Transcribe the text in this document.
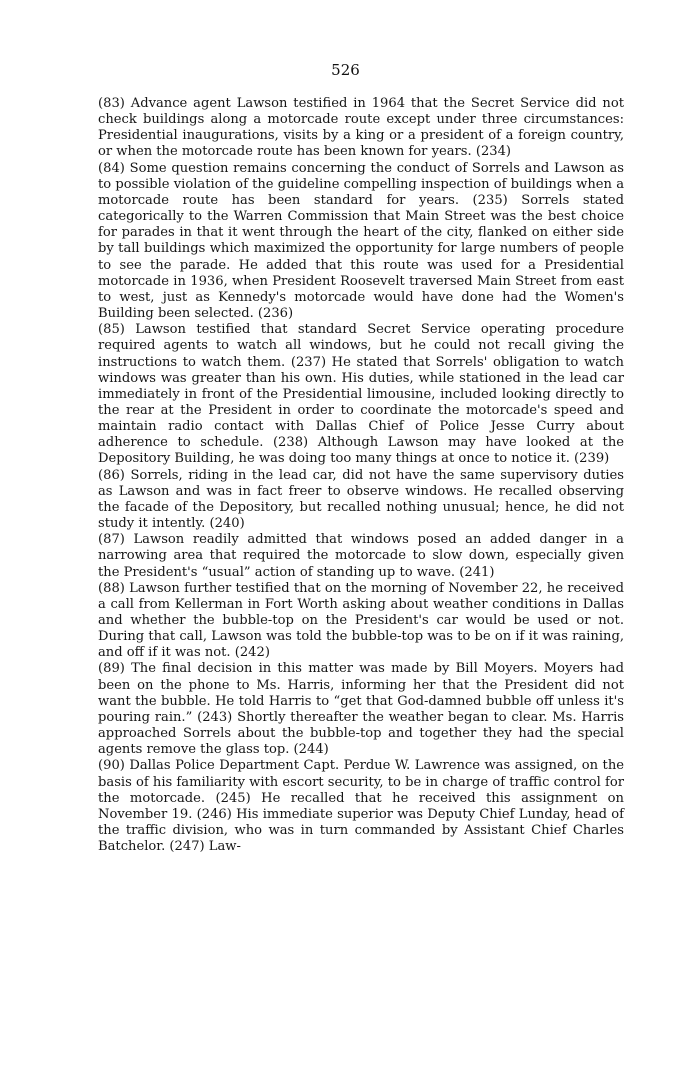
526

(83) Advance agent Lawson testified in 1964 that the Secret Service did not check buildings along a motorcade route except under three circumstances: Presidential inaugurations, visits by a king or a president of a foreign country, or when the motorcade route has been known for years. (234)

(84) Some question remains concerning the conduct of Sorrels and Lawson as to possible violation of the guideline compelling inspection of buildings when a motorcade route has been standard for years. (235) Sorrels stated categorically to the Warren Commission that Main Street was the best choice for parades in that it went through the heart of the city, flanked on either side by tall buildings which maximized the opportunity for large numbers of people to see the parade. He added that this route was used for a Presidential motorcade in 1936, when President Roosevelt traversed Main Street from east to west, just as Kennedy's motorcade would have done had the Women's Building been selected. (236)

(85) Lawson testified that standard Secret Service operating procedure required agents to watch all windows, but he could not recall giving the instructions to watch them. (237) He stated that Sorrels' obligation to watch windows was greater than his own. His duties, while stationed in the lead car immediately in front of the Presidential limousine, included looking directly to the rear at the President in order to coordinate the motorcade's speed and maintain radio contact with Dallas Chief of Police Jesse Curry about adherence to schedule. (238) Although Lawson may have looked at the Depository Building, he was doing too many things at once to notice it. (239)

(86) Sorrels, riding in the lead car, did not have the same supervisory duties as Lawson and was in fact freer to observe windows. He recalled observing the facade of the Depository, but recalled nothing unusual; hence, he did not study it intently. (240)

(87) Lawson readily admitted that windows posed an added danger in a narrowing area that required the motorcade to slow down, especially given the President's “usual” action of standing up to wave. (241)

(88) Lawson further testified that on the morning of November 22, he received a call from Kellerman in Fort Worth asking about weather conditions in Dallas and whether the bubble-top on the President's car would be used or not. During that call, Lawson was told the bubble-top was to be on if it was raining, and off if it was not. (242)

(89) The final decision in this matter was made by Bill Moyers. Moyers had been on the phone to Ms. Harris, informing her that the President did not want the bubble. He told Harris to “get that God-damned bubble off unless it's pouring rain.” (243) Shortly thereafter the weather began to clear. Ms. Harris approached Sorrels about the bubble-top and together they had the special agents remove the glass top. (244)

(90) Dallas Police Department Capt. Perdue W. Lawrence was assigned, on the basis of his familiarity with escort security, to be in charge of traffic control for the motorcade. (245) He recalled that he received this assignment on November 19. (246) His immediate superior was Deputy Chief Lunday, head of the traffic division, who was in turn commanded by Assistant Chief Charles Batchelor. (247) Law-
